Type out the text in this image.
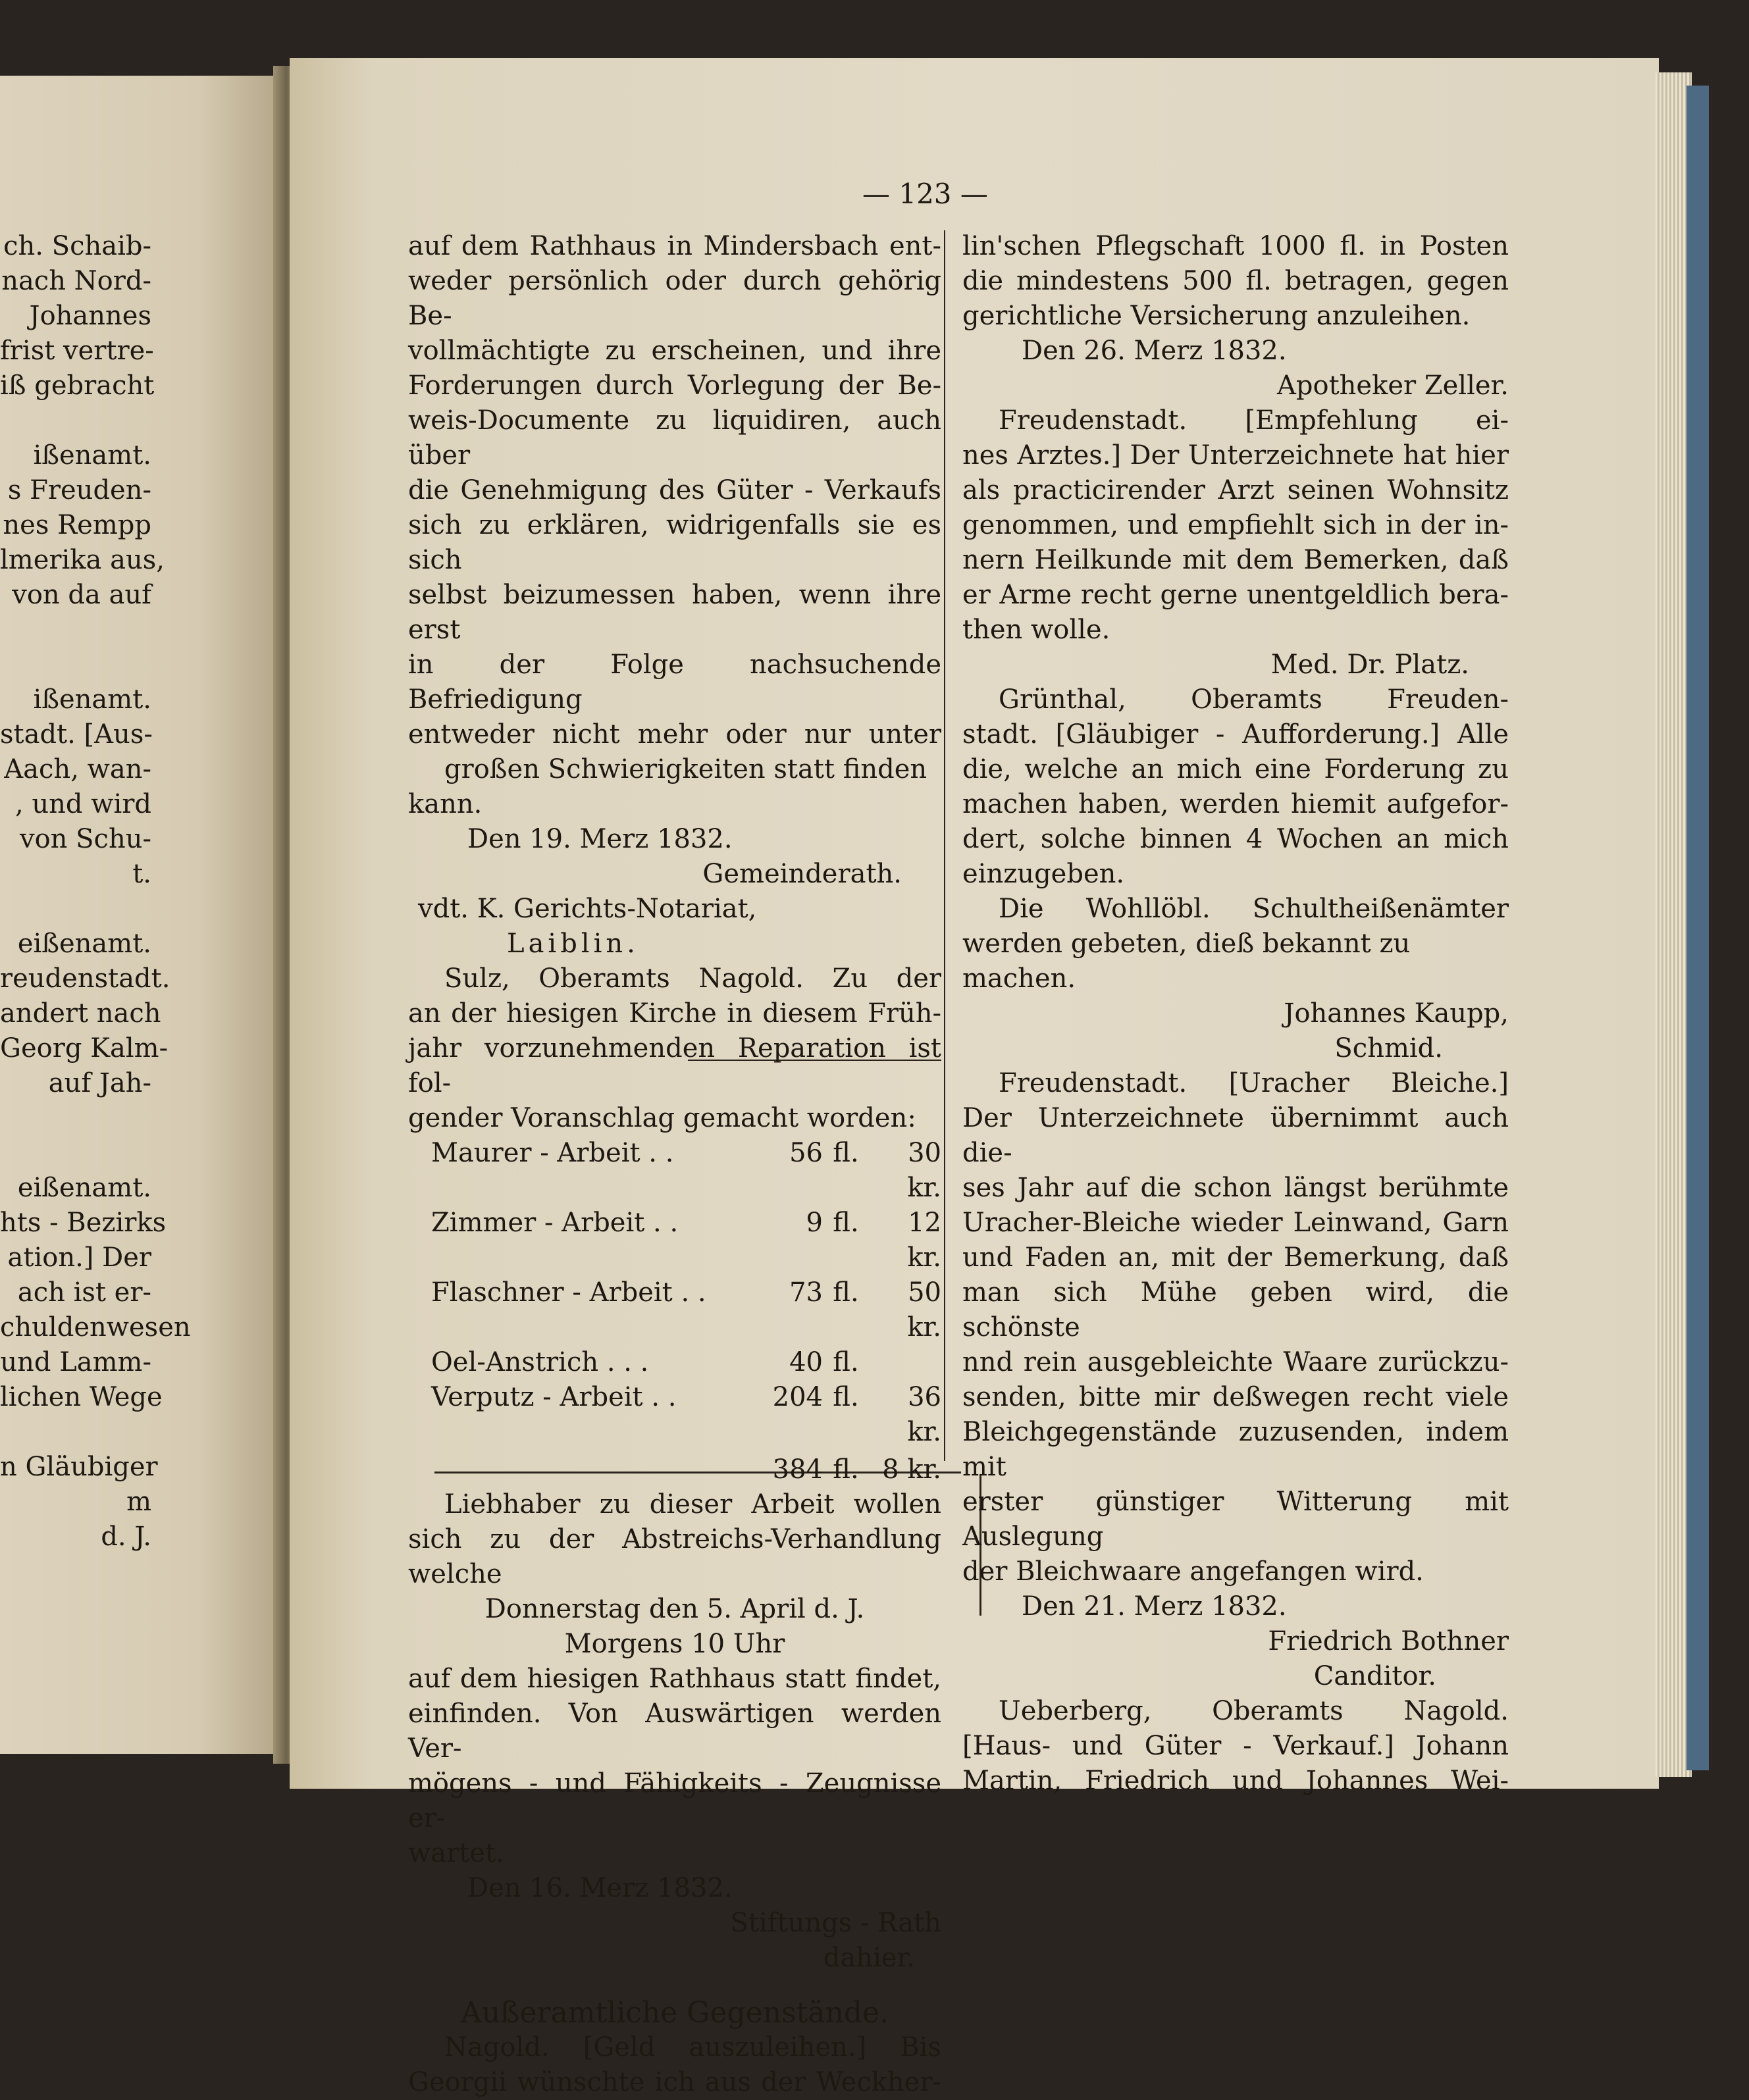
ch. Schaib-

nach Nord-

Johannes

frist vertre-

iß gebracht

ißenamt.

s Freuden-

nes Rempp

lmerika aus,

von da auf

ißenamt.

stadt. [Aus-

Aach, wan-

, und wird

von Schu-

t.

eißenamt.

reudenstadt.

andert nach

Georg Kalm-

auf Jah-

eißenamt.

hts - Bezirks

ation.] Der

ach ist er-

chuldenwesen

und Lamm-

lichen Wege

n Gläubiger

m

d. J.

— 123 —

auf dem Rathhaus in Mindersbach ent-

weder persönlich oder durch gehörig Be-

vollmächtigte zu erscheinen, und ihre

Forderungen durch Vorlegung der Be-

weis-Documente zu liquidiren, auch über

die Genehmigung des Güter - Verkaufs

sich zu erklären, widrigenfalls sie es sich

selbst beizumessen haben, wenn ihre erst

in der Folge nachsuchende Befriedigung

entweder nicht mehr oder nur unter

großen Schwierigkeiten statt finden kann.

Den 19. Merz 1832.

Gemeinderath.

vdt. K. Gerichts-Notariat,

Laiblin.

Sulz, Oberamts Nagold. Zu der

an der hiesigen Kirche in diesem Früh-

jahr vorzunehmenden Reparation ist fol-

gender Voranschlag gemacht worden:

Maurer - Arbeit . .	56 fl.	30 kr.
Zimmer - Arbeit . .	9 fl.	12 kr.
Flaschner - Arbeit . .	73 fl.	50 kr.
Oel-Anstrich . . .	40 fl.
Verputz - Arbeit . .	204 fl.	36 kr.
384 fl. 8 kr.

Liebhaber zu dieser Arbeit wollen

sich zu der Abstreichs-Verhandlung welche

Donnerstag den 5. April d. J.

Morgens 10 Uhr

auf dem hiesigen Rathhaus statt findet,

einfinden. Von Auswärtigen werden Ver-

mögens - und Fähigkeits - Zeugnisse er-

wartet.

Den 16. Merz 1832.

Stiftungs - Rath

dahier.

Außeramtliche Gegenstände.

Nagold. [Geld auszuleihen.] Bis

Georgii wünschte ich aus der Weckher-

lin'schen Pflegschaft 1000 fl. in Posten

die mindestens 500 fl. betragen, gegen

gerichtliche Versicherung anzuleihen.

Den 26. Merz 1832.

Apotheker Zeller.

Freudenstadt. [Empfehlung ei-

nes Arztes.] Der Unterzeichnete hat hier

als practicirender Arzt seinen Wohnsitz

genommen, und empfiehlt sich in der in-

nern Heilkunde mit dem Bemerken, daß

er Arme recht gerne unentgeldlich bera-

then wolle.

Med. Dr. Platz.

Grünthal, Oberamts Freuden-

stadt. [Gläubiger - Aufforderung.] Alle

die, welche an mich eine Forderung zu

machen haben, werden hiemit aufgefor-

dert, solche binnen 4 Wochen an mich

einzugeben.

Die Wohllöbl. Schultheißenämter

werden gebeten, dieß bekannt zu machen.

Johannes Kaupp,

Schmid.

Freudenstadt. [Uracher Bleiche.]

Der Unterzeichnete übernimmt auch die-

ses Jahr auf die schon längst berühmte

Uracher-Bleiche wieder Leinwand, Garn

und Faden an, mit der Bemerkung, daß

man sich Mühe geben wird, die schönste

nnd rein ausgebleichte Waare zurückzu-

senden, bitte mir deßwegen recht viele

Bleichgegenstände zuzusenden, indem mit

erster günstiger Witterung mit Auslegung

der Bleichwaare angefangen wird.

Den 21. Merz 1832.

Friedrich Bothner

Canditor.

Ueberberg, Oberamts Nagold.

[Haus- und Güter - Verkauf.] Johann

Martin, Friedrich und Johannes Wei-
